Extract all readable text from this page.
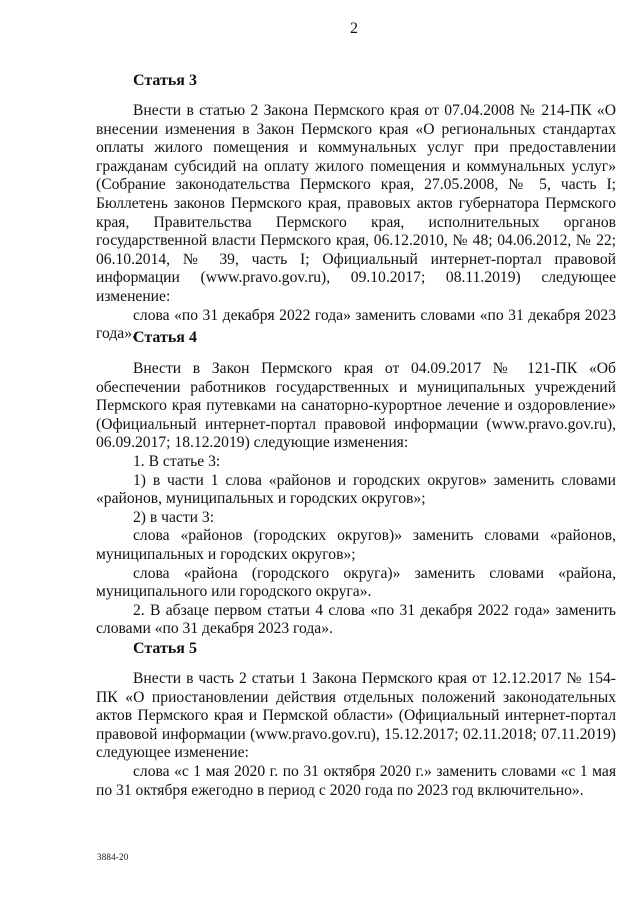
2
Статья 3

Внести в статью 2 Закона Пермского края от 07.04.2008 № 214-ПК «О внесении изменения в Закон Пермского края «О региональных стандартах оплаты жилого помещения и коммунальных услуг при предоставлении гражданам субсидий на оплату жилого помещения и коммунальных услуг» (Собрание законодательства Пермского края, 27.05.2008, № 5, часть I; Бюллетень законов Пермского края, правовых актов губернатора Пермского края, Правительства Пермского края, исполнительных органов государственной власти Пермского края, 06.12.2010, № 48; 04.06.2012, № 22; 06.10.2014, № 39, часть I; Официальный интернет-портал правовой информации (www.pravo.gov.ru), 09.10.2017; 08.11.2019) следующее изменение:

слова «по 31 декабря 2022 года» заменить словами «по 31 декабря 2023 года».

Статья 4

Внести в Закон Пермского края от 04.09.2017 № 121-ПК «Об обеспечении работников государственных и муниципальных учреждений Пермского края путевками на санаторно-курортное лечение и оздоровление» (Официальный интернет-портал правовой информации (www.pravo.gov.ru), 06.09.2017; 18.12.2019) следующие изменения:

1. В статье 3:

1) в части 1 слова «районов и городских округов» заменить словами «районов, муниципальных и городских округов»;

2) в части 3:

слова «районов (городских округов)» заменить словами «районов, муниципальных и городских округов»;

слова «района (городского округа)» заменить словами «района, муниципального или городского округа».

2. В абзаце первом статьи 4 слова «по 31 декабря 2022 года» заменить словами «по 31 декабря 2023 года».

Статья 5

Внести в часть 2 статьи 1 Закона Пермского края от 12.12.2017 № 154-ПК «О приостановлении действия отдельных положений законодательных актов Пермского края и Пермской области» (Официальный интернет-портал правовой информации (www.pravo.gov.ru), 15.12.2017; 02.11.2018; 07.11.2019) следующее изменение:

слова «с 1 мая 2020 г. по 31 октября 2020 г.» заменить словами «с 1 мая по 31 октября ежегодно в период с 2020 года по 2023 год включительно».

3884-20
